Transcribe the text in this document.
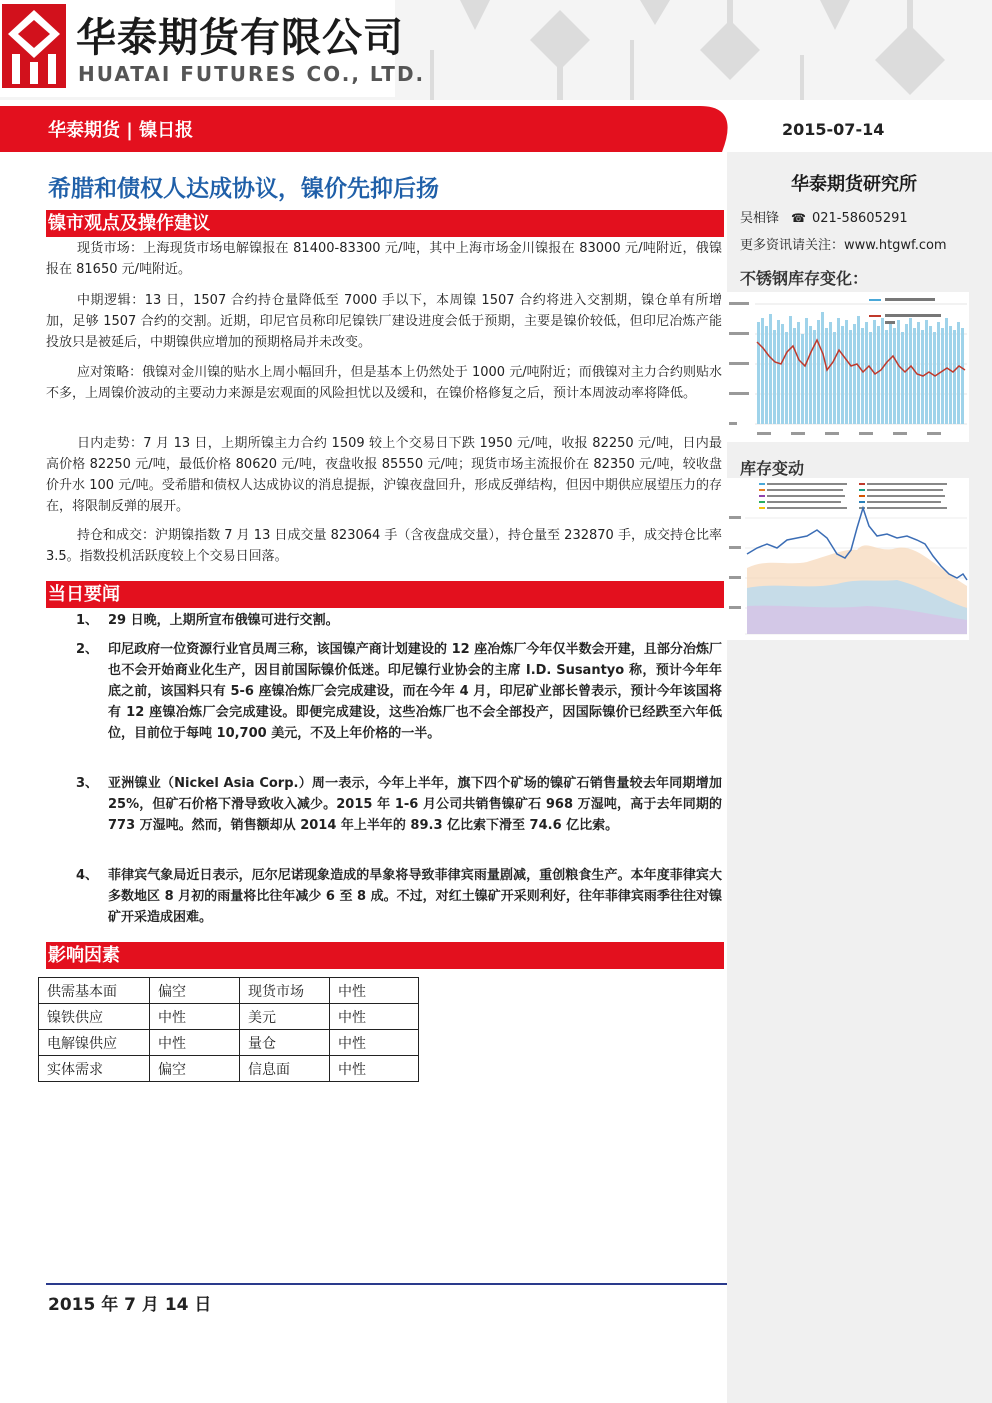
华泰期货有限公司
HUATAI FUTURES CO., LTD.
华泰期货 | 镍日报	2015-07-14
希腊和债权人达成协议，镍价先抑后扬
镍市观点及操作建议

现货市场：上海现货市场电解镍报在 81400-83300 元/吨，其中上海市场金川镍报在 83000 元/吨附近，俄镍报在 81650 元/吨附近。

中期逻辑：13 日，1507 合约持仓量降低至 7000 手以下，本周镍 1507 合约将进入交割期，镍仓单有所增加，足够 1507 合约的交割。近期，印尼官员称印尼镍铁厂建设进度会低于预期，主要是镍价较低，但印尼冶炼产能投放只是被延后，中期镍供应增加的预期格局并未改变。

应对策略：俄镍对金川镍的贴水上周小幅回升，但是基本上仍然处于 1000 元/吨附近；而俄镍对主力合约则贴水不多，上周镍价波动的主要动力来源是宏观面的风险担忧以及缓和，在镍价格修复之后，预计本周波动率将降低。

日内走势：7 月 13 日，上期所镍主力合约 1509 较上个交易日下跌 1950 元/吨，收报 82250 元/吨，日内最高价格 82250 元/吨，最低价格 80620 元/吨，夜盘收报 85550 元/吨；现货市场主流报价在 82350 元/吨，较收盘价升水 100 元/吨。受希腊和债权人达成协议的消息提振，沪镍夜盘回升，形成反弹结构，但因中期供应展望压力的存在，将限制反弹的展开。

持仓和成交：沪期镍指数 7 月 13 日成交量 823064 手（含夜盘成交量），持仓量至 232870 手，成交持仓比率 3.5。指数投机活跃度较上个交易日回落。

当日要闻
1、 29 日晚，上期所宣布俄镍可进行交割。
2、 印尼政府一位资源行业官员周三称，该国镍产商计划建设的 12 座冶炼厂今年仅半数会开建，且部分冶炼厂也不会开始商业化生产，因目前国际镍价低迷。印尼镍行业协会的主席 I.D. Susantyo 称，预计今年年底之前，该国料只有 5-6 座镍冶炼厂会完成建设，而在今年 4 月，印尼矿业部长曾表示，预计今年该国将有 12 座镍冶炼厂会完成建设。即便完成建设，这些冶炼厂也不会全部投产，因国际镍价已经跌至六年低位，目前位于每吨 10,700 美元，不及上年价格的一半。
3、 亚洲镍业（Nickel Asia Corp.）周一表示，今年上半年，旗下四个矿场的镍矿石销售量较去年同期增加 25%，但矿石价格下滑导致收入减少。2015 年 1-6 月公司共销售镍矿石 968 万湿吨，高于去年同期的 773 万湿吨。然而，销售额却从 2014 年上半年的 89.3 亿比索下滑至 74.6 亿比索。
4、 菲律宾气象局近日表示，厄尔尼诺现象造成的旱象将导致菲律宾雨量剧减，重创粮食生产。本年度菲律宾大多数地区 8 月初的雨量将比往年减少 6 至 8 成。不过，对红土镍矿开采则利好，往年菲律宾雨季往往对镍矿开采造成困难。
影响因素
供需基本面	偏空	现货市场	中性
镍铁供应	中性	美元	中性
电解镍供应	中性	量仓	中性
实体需求	偏空	信息面	中性
华泰期货研究所
吴相锋 ☎ 021-58605291
更多资讯请关注：www.htgwf.com
不锈钢库存变化：
库存变动
2015 年 7 月 14 日
